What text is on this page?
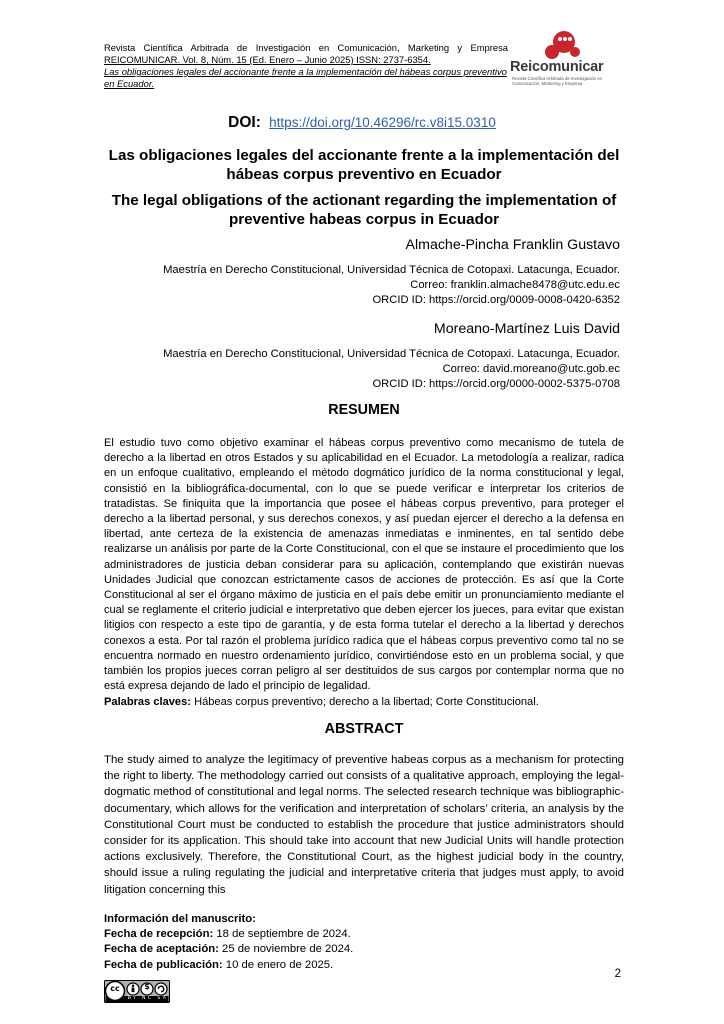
Revista Científica Arbitrada de Investigación en Comunicación, Marketing y Empresa
REICOMUNICAR. Vol. 8, Núm. 15 (Ed. Enero – Junio 2025) ISSN: 2737-6354.
Las obligaciones legales del accionante frente a la implementación del hábeas corpus preventivo en Ecuador.
Reicomunicar
Revista Científica Arbitrada de Investigación en Comunicación, Marketing y Empresa
DOI: https://doi.org/10.46296/rc.v8i15.0310
Las obligaciones legales del accionante frente a la implementación del hábeas corpus preventivo en Ecuador
The legal obligations of the actionant regarding the implementation of preventive habeas corpus in Ecuador
Almache-Pincha Franklin Gustavo
Maestría en Derecho Constitucional, Universidad Técnica de Cotopaxi. Latacunga, Ecuador.
Correo: franklin.almache8478@utc.edu.ec
ORCID ID: https://orcid.org/0009-0008-0420-6352
Moreano-Martínez Luis David
Maestría en Derecho Constitucional, Universidad Técnica de Cotopaxi. Latacunga, Ecuador.
Correo: david.moreano@utc.gob.ec
ORCID ID: https://orcid.org/0000-0002-5375-0708
RESUMEN

El estudio tuvo como objetivo examinar el hábeas corpus preventivo como mecanismo de tutela de derecho a la libertad en otros Estados y su aplicabilidad en el Ecuador. La metodología a realizar, radica en un enfoque cualitativo, empleando el método dogmático jurídico de la norma constitucional y legal, consistió en la bibliográfica-documental, con lo que se puede verificar e interpretar los criterios de tratadistas. Se finiquita que la importancia que posee el hábeas corpus preventivo, para proteger el derecho a la libertad personal, y sus derechos conexos, y así puedan ejercer el derecho a la defensa en libertad, ante certeza de la existencia de amenazas inmediatas e inminentes, en tal sentido debe realizarse un análisis por parte de la Corte Constitucional, con el que se instaure el procedimiento que los administradores de justicia deban considerar para su aplicación, contemplando que existirán nuevas Unidades Judicial que conozcan estrictamente casos de acciones de protección. Es así que la Corte Constitucional al ser el órgano máximo de justicia en el país debe emitir un pronunciamiento mediante el cual se reglamente el criterio judicial e interpretativo que deben ejercer los jueces, para evitar que existan litigios con respecto a este tipo de garantía, y de esta forma tutelar el derecho a la libertad y derechos conexos a esta. Por tal razón el problema jurídico radica que el hábeas corpus preventivo como tal no se encuentra normado en nuestro ordenamiento jurídico, convirtiéndose esto en un problema social, y que también los propios jueces corran peligro al ser destituidos de sus cargos por contemplar norma que no está expresa dejando de lado el principio de legalidad.

Palabras claves: Hábeas corpus preventivo; derecho a la libertad; Corte Constitucional.
ABSTRACT

The study aimed to analyze the legitimacy of preventive habeas corpus as a mechanism for protecting the right to liberty. The methodology carried out consists of a qualitative approach, employing the legal-dogmatic method of constitutional and legal norms. The selected research technique was bibliographic-documentary, which allows for the verification and interpretation of scholars’ criteria, an analysis by the Constitutional Court must be conducted to establish the procedure that justice administrators should consider for its application. This should take into account that new Judicial Units will handle protection actions exclusively. Therefore, the Constitutional Court, as the highest judicial body in the country, should issue a ruling regulating the judicial and interpretative criteria that judges must apply, to avoid litigation concerning this

Información del manuscrito:
Fecha de recepción: 18 de septiembre de 2024.
Fecha de aceptación: 25 de noviembre de 2024.
Fecha de publicación: 10 de enero de 2025.
2
cc
BY NC SA
$
